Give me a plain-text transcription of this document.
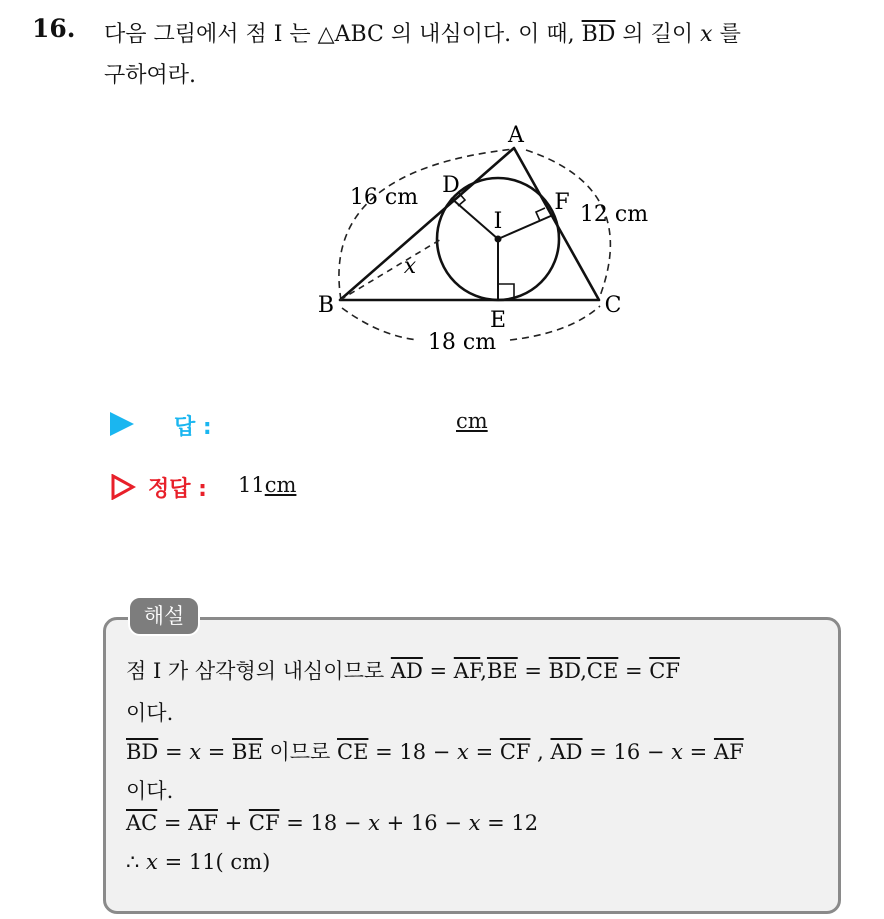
16. 다음 그림에서 점 I 는 △ABC 의 내심이다. 이 때, $\overline{BD}$ 의 길이 x 를
구하여라.
A
B	C
D
E
F
I
x
16 cm
12 cm
18 cm
답 :	cm
정답 : 11cm
해설
점 I 가 삼각형의 내심이므로 $\overline{AD} = \overline{AF},\overline{BE} = \overline{BD},\overline{CE} = \overline{CF}$
이다.
$\overline{BD} = x = \overline{BE}$ 이므로 $\overline{CE} = 18 - x = \overline{CF}$ , $\overline{AD} = 16 - x = \overline{AF}$
이다.
$\overline{AC} = \overline{AF} + \overline{CF} = 18 - x + 16 - x = 12$
∴ x = 11( cm)
